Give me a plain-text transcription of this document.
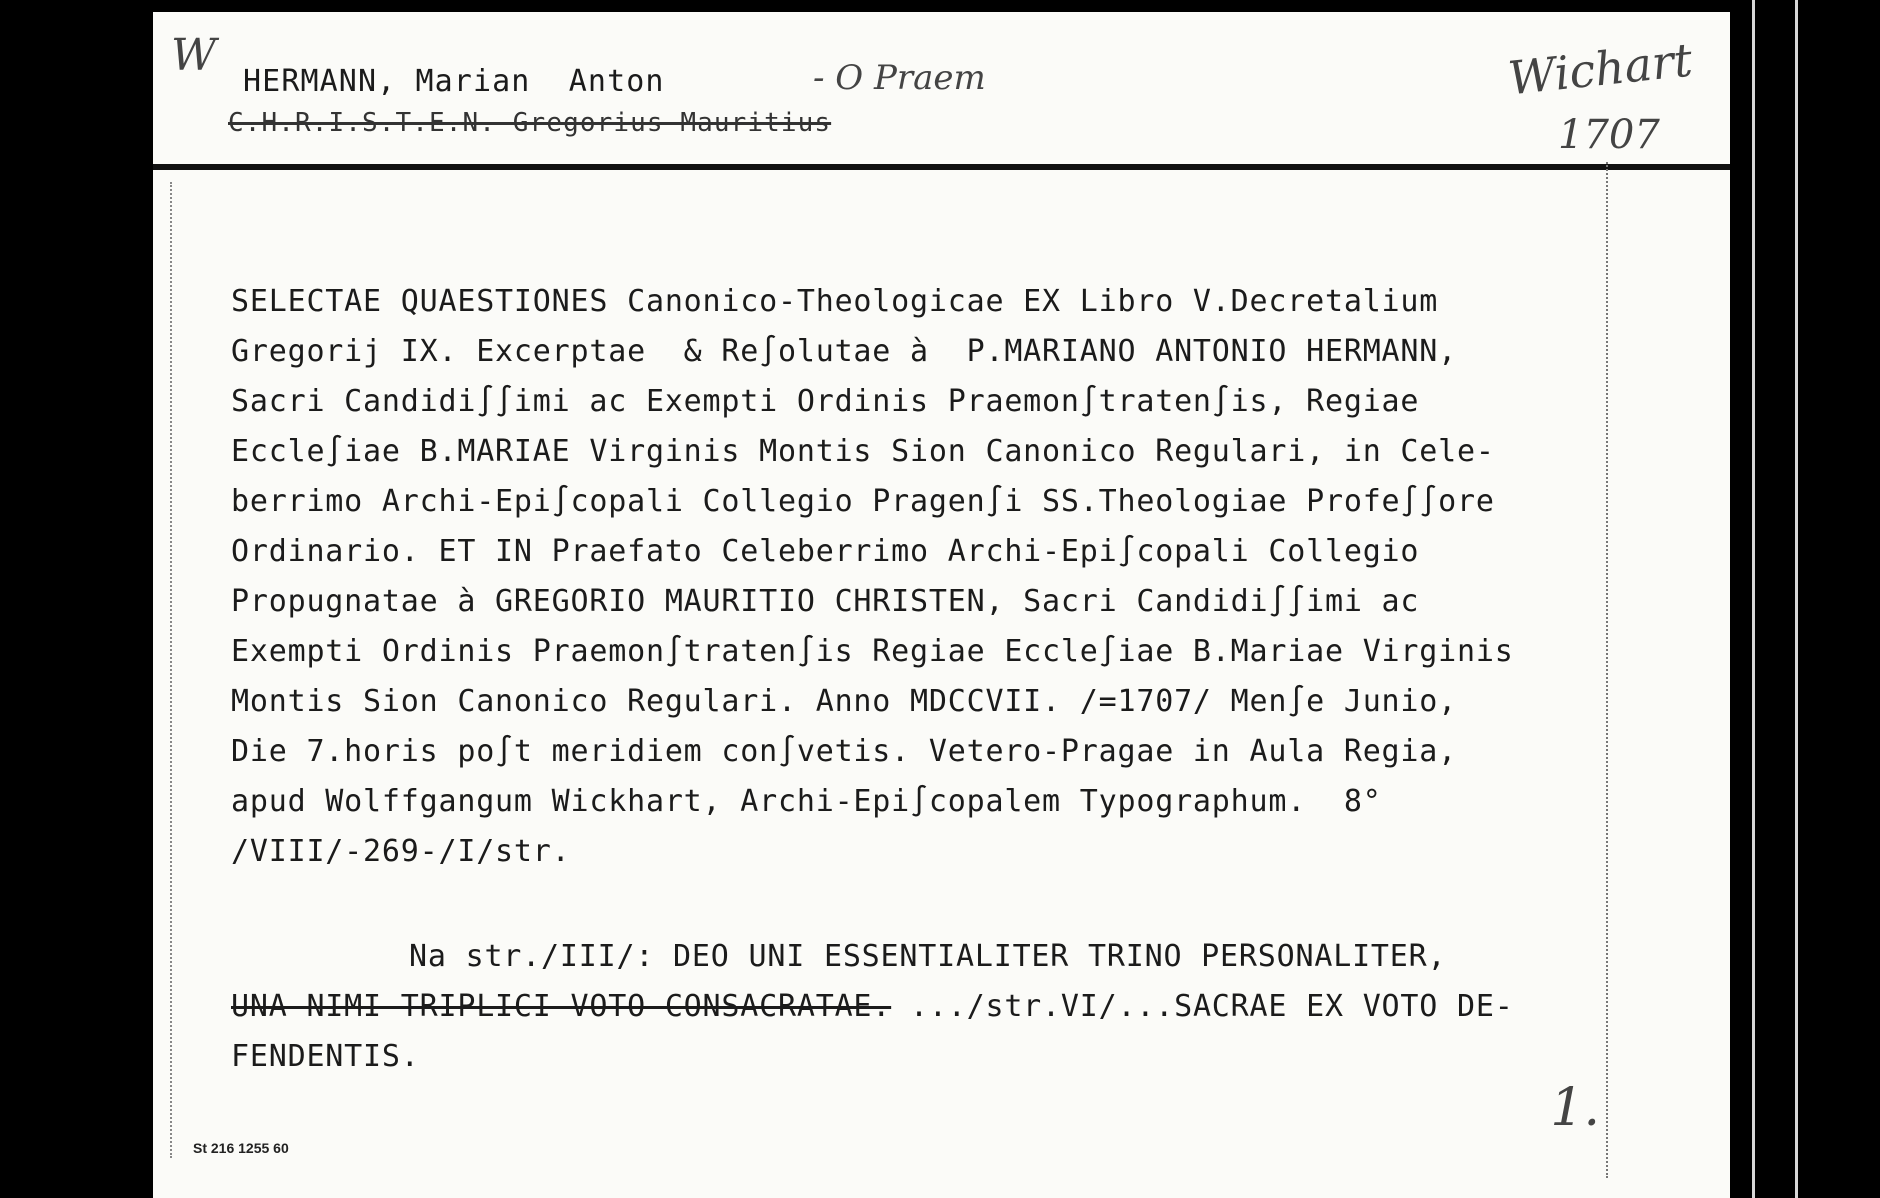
W
HERMANN, Marian  Anton	- O Praem
C.H.R.I.S.T.E.N. Gregorius Mauritius
Wichart
1707
SELECTAE QUAESTIONES Canonico-Theologicae EX Libro V.Decretalium
Gregorij IX. Excerptae  & Re∫olutae à  P.MARIANO ANTONIO HERMANN,
Sacri Candidi∫∫imi ac Exempti Ordinis Praemon∫traten∫is, Regiae
Eccle∫iae B.MARIAE Virginis Montis Sion Canonico Regulari, in Cele-
berrimo Archi-Epi∫copali Collegio Pragen∫i SS.Theologiae Profe∫∫ore
Ordinario. ET IN Praefato Celeberrimo Archi-Epi∫copali Collegio
Propugnatae à GREGORIO MAURITIO CHRISTEN, Sacri Candidi∫∫imi ac
Exempti Ordinis Praemon∫traten∫is Regiae Eccle∫iae B.Mariae Virginis
Montis Sion Canonico Regulari. Anno MDCCVII. /=1707/ Men∫e Junio,
Die 7.horis po∫t meridiem con∫vetis. Vetero-Pragae in Aula Regia,
apud Wolffgangum Wickhart, Archi-Epi∫copalem Typographum.  8°
/VIII/-269-/I/str.
Na str./III/: DEO UNI ESSENTIALITER TRINO PERSONALITER,
UNA NIMI TRIPLICI VOTO CONSACRATAE. .../str.VI/...SACRAE EX VOTO DE-
FENDENTIS.
St 216 1255 60
1.
